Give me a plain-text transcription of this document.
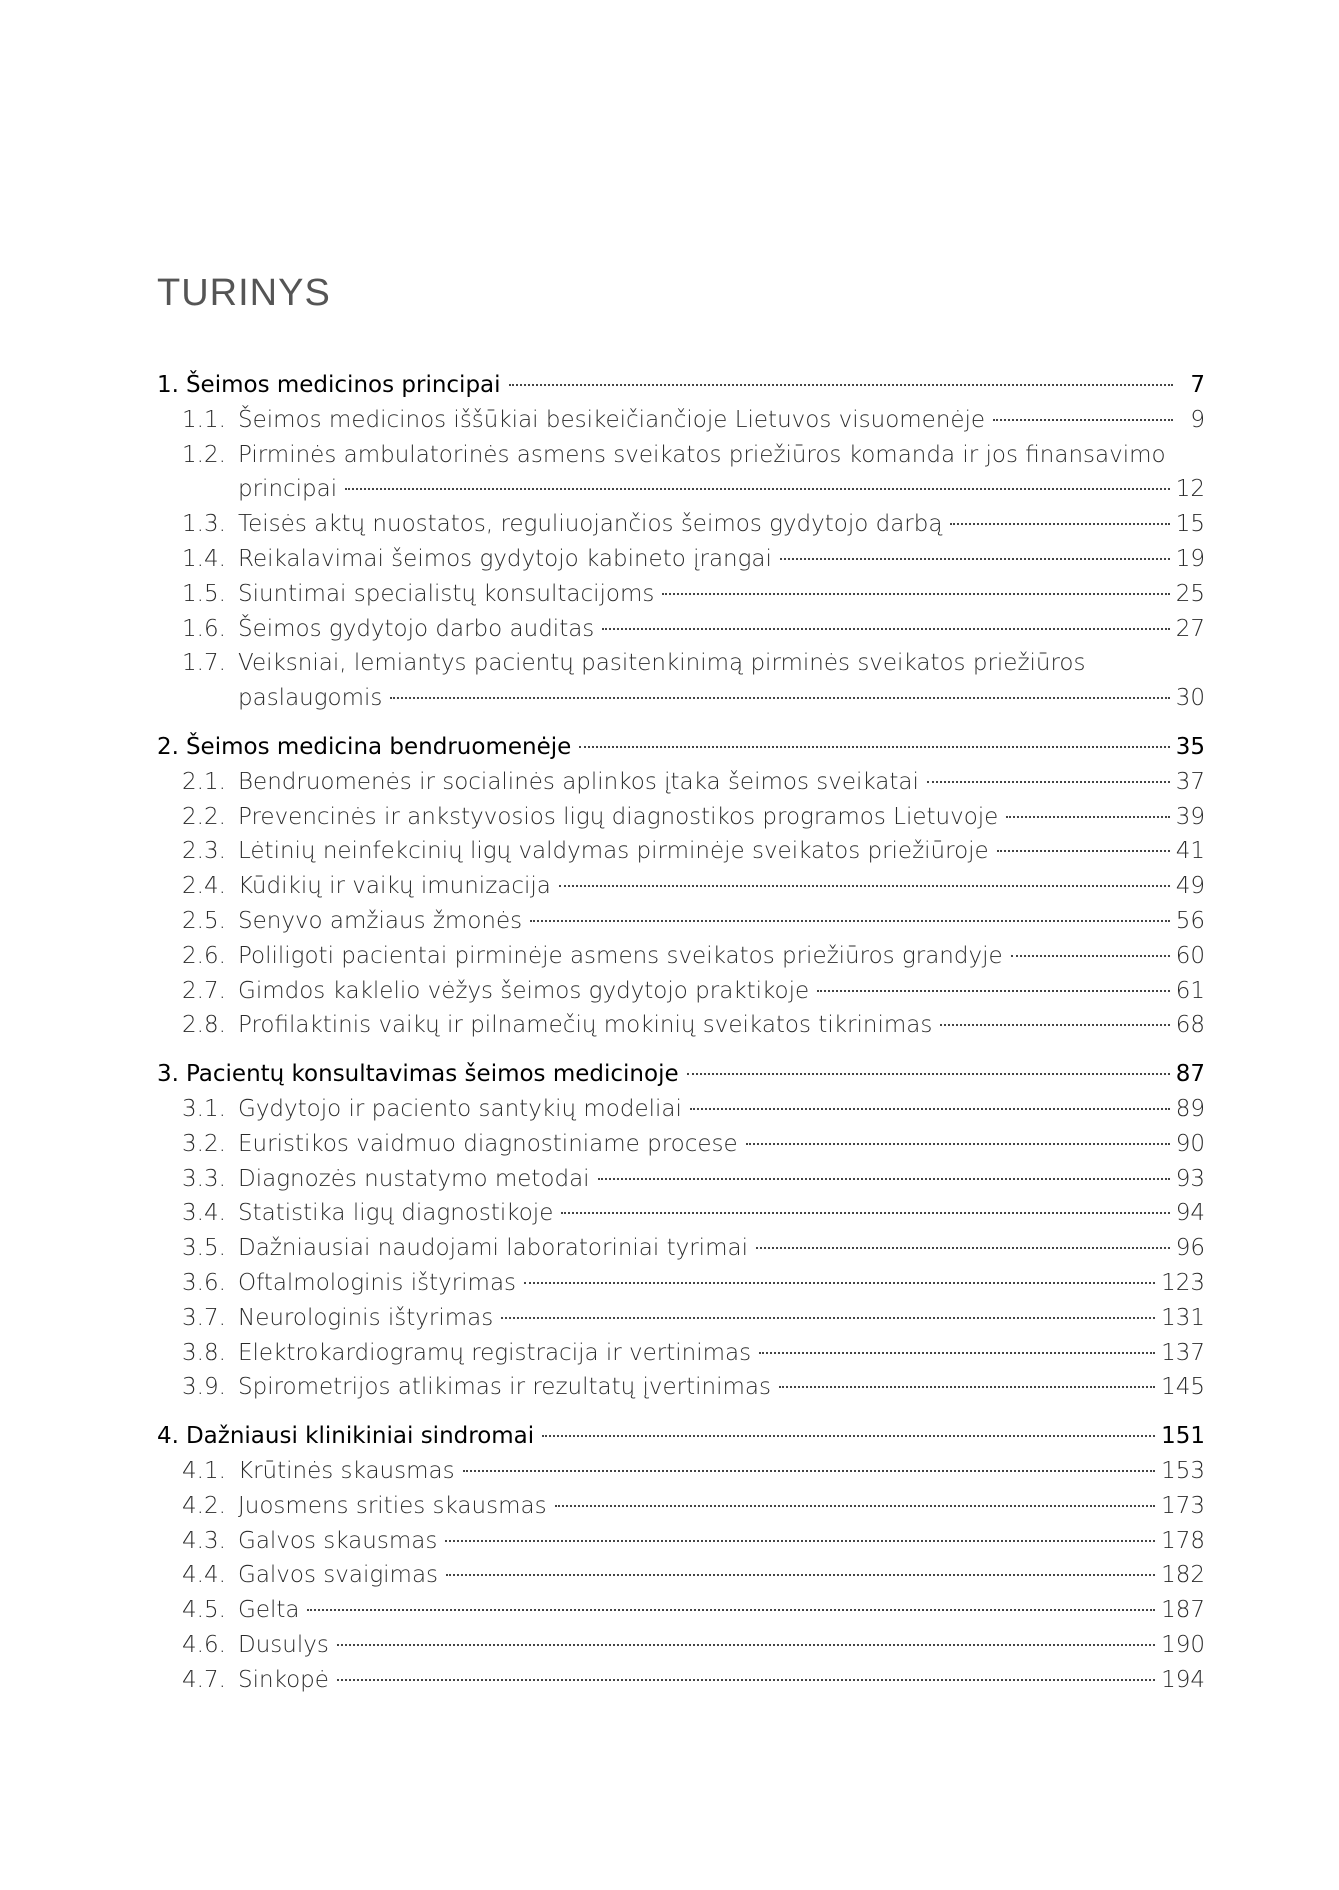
TURINYS
1. Šeimos medicinos principai	7
1.1. Šeimos medicinos iššūkiai besikeičiančioje Lietuvos visuomenėje	9
1.2. Pirminės ambulatorinės asmens sveikatos priežiūros komanda ir jos finansavimo
principai	12
1.3. Teisės aktų nuostatos, reguliuojančios šeimos gydytojo darbą	15
1.4. Reikalavimai šeimos gydytojo kabineto įrangai	19
1.5. Siuntimai specialistų konsultacijoms	25
1.6. Šeimos gydytojo darbo auditas	27
1.7. Veiksniai, lemiantys pacientų pasitenkinimą pirminės sveikatos priežiūros
paslaugomis	30
2. Šeimos medicina bendruomenėje	35
2.1. Bendruomenės ir socialinės aplinkos įtaka šeimos sveikatai	37
2.2. Prevencinės ir ankstyvosios ligų diagnostikos programos Lietuvoje	39
2.3. Lėtinių neinfekcinių ligų valdymas pirminėje sveikatos priežiūroje	41
2.4. Kūdikių ir vaikų imunizacija	49
2.5. Senyvo amžiaus žmonės	56
2.6. Poliligoti pacientai pirminėje asmens sveikatos priežiūros grandyje	60
2.7. Gimdos kaklelio vėžys šeimos gydytojo praktikoje	61
2.8. Profilaktinis vaikų ir pilnamečių mokinių sveikatos tikrinimas	68
3. Pacientų konsultavimas šeimos medicinoje	87
3.1. Gydytojo ir paciento santykių modeliai	89
3.2. Euristikos vaidmuo diagnostiniame procese	90
3.3. Diagnozės nustatymo metodai	93
3.4. Statistika ligų diagnostikoje	94
3.5. Dažniausiai naudojami laboratoriniai tyrimai	96
3.6. Oftalmologinis ištyrimas	123
3.7. Neurologinis ištyrimas	131
3.8. Elektrokardiogramų registracija ir vertinimas	137
3.9. Spirometrijos atlikimas ir rezultatų įvertinimas	145
4. Dažniausi klinikiniai sindromai	151
4.1. Krūtinės skausmas	153
4.2. Juosmens srities skausmas	173
4.3. Galvos skausmas	178
4.4. Galvos svaigimas	182
4.5. Gelta	187
4.6. Dusulys	190
4.7. Sinkopė	194
